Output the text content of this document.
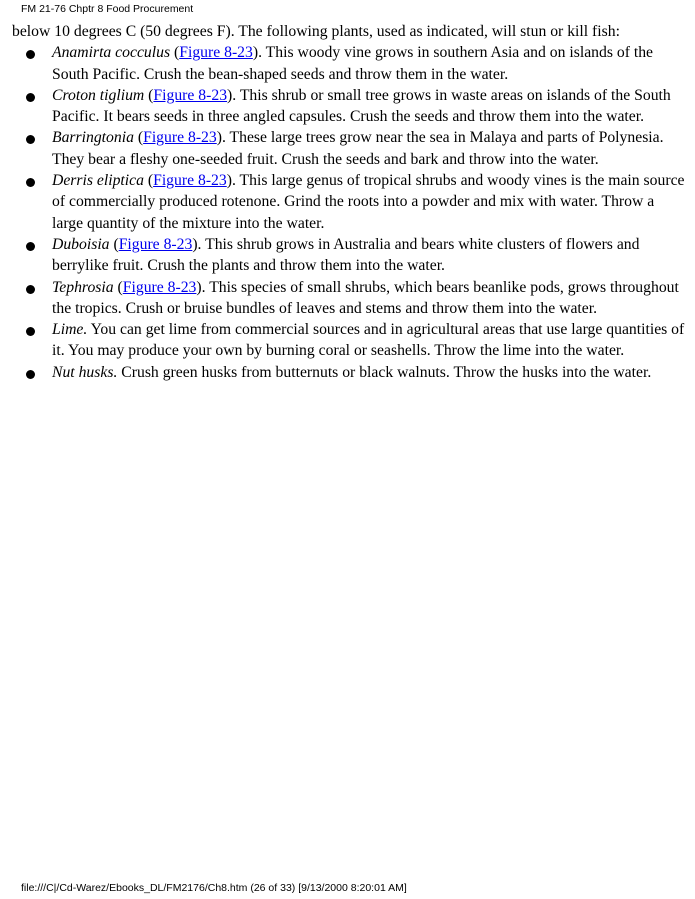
FM 21-76 Chptr 8 Food Procurement

below 10 degrees C (50 degrees F). The following plants, used as indicated, will stun or kill fish:

Anamirta cocculus (Figure 8-23). This woody vine grows in southern Asia and on islands of the South Pacific. Crush the bean-shaped seeds and throw them in the water.
Croton tiglium (Figure 8-23). This shrub or small tree grows in waste areas on islands of the South Pacific. It bears seeds in three angled capsules. Crush the seeds and throw them into the water.
Barringtonia (Figure 8-23). These large trees grow near the sea in Malaya and parts of Polynesia. They bear a fleshy one-seeded fruit. Crush the seeds and bark and throw into the water.
Derris eliptica (Figure 8-23). This large genus of tropical shrubs and woody vines is the main source of commercially produced rotenone. Grind the roots into a powder and mix with water. Throw a large quantity of the mixture into the water.
Duboisia (Figure 8-23). This shrub grows in Australia and bears white clusters of flowers and berrylike fruit. Crush the plants and throw them into the water.
Tephrosia (Figure 8-23). This species of small shrubs, which bears beanlike pods, grows throughout the tropics. Crush or bruise bundles of leaves and stems and throw them into the water.
Lime. You can get lime from commercial sources and in agricultural areas that use large quantities of it. You may produce your own by burning coral or seashells. Throw the lime into the water.
Nut husks. Crush green husks from butternuts or black walnuts. Throw the husks into the water.
file:///C|/Cd-Warez/Ebooks_DL/FM2176/Ch8.htm (26 of 33) [9/13/2000 8:20:01 AM]
